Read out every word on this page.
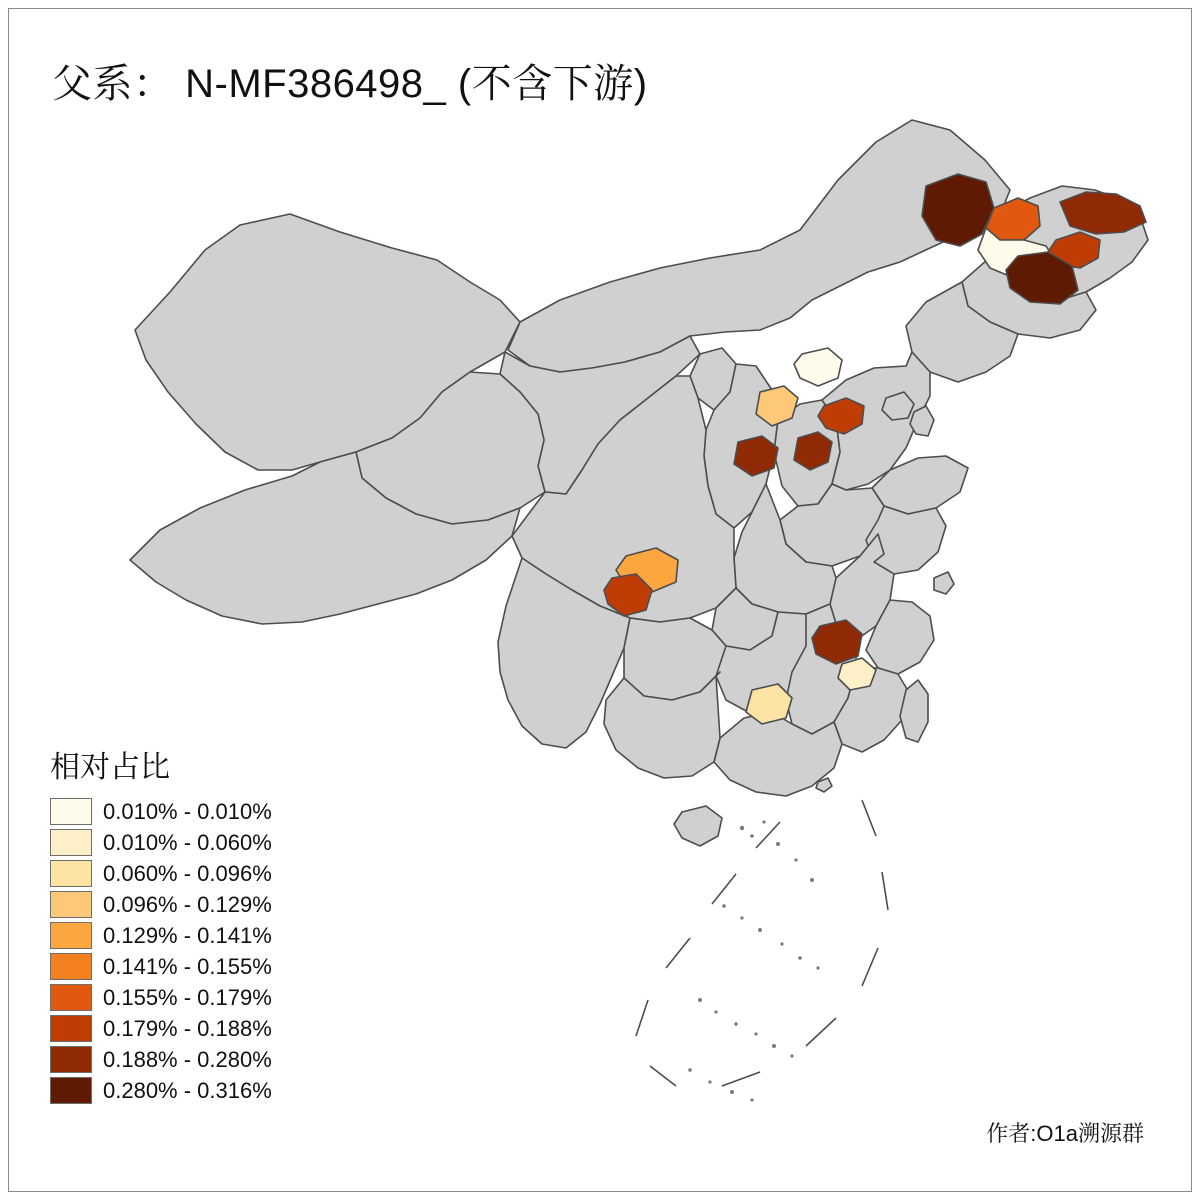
父系： N-MF386498_ (不含下游)
相对占比
0.010% - 0.010%
0.010% - 0.060%
0.060% - 0.096%
0.096% - 0.129%
0.129% - 0.141%
0.141% - 0.155%
0.155% - 0.179%
0.179% - 0.188%
0.188% - 0.280%
0.280% - 0.316%
作者:O1a溯源群
